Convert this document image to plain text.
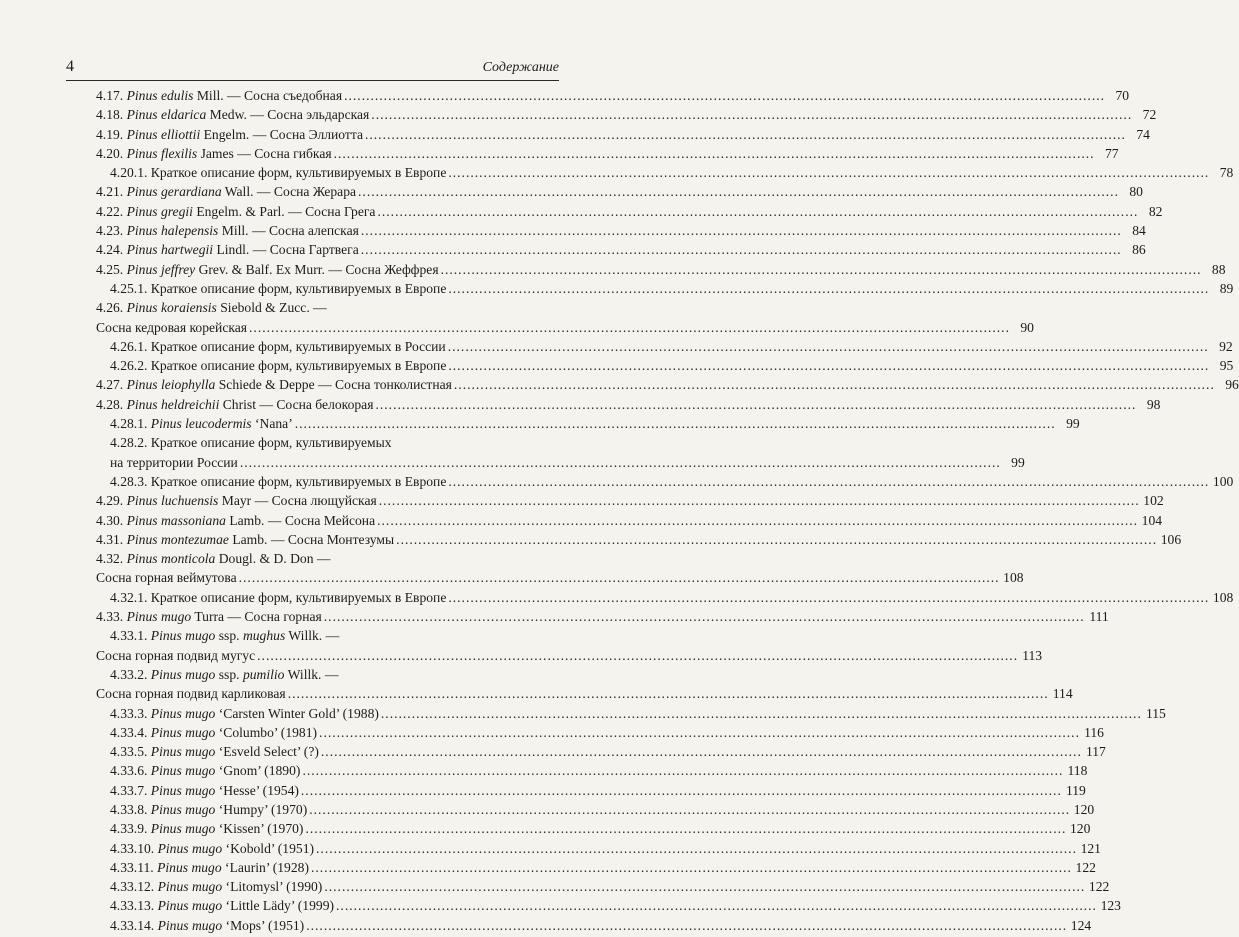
4	Содержание
4.17. Pinus edulis Mill. — Сосна съедобная .....	70
4.18. Pinus eldarica Medw. — Сосна эльдарская .....	72
4.19. Pinus elliottii Engelm. — Сосна Эллиотта .....	74
4.20. Pinus flexilis James — Сосна гибкая .....	77
4.20.1. Краткое описание форм, культивируемых в Европе .....	78
4.21. Pinus gerardiana Wall. — Сосна Жерара .....	80
4.22. Pinus gregii Engelm. & Parl. — Сосна Грега .....	82
4.23. Pinus halepensis Mill. — Сосна алепская .....	84
4.24. Pinus hartwegii Lindl. — Сосна Гартвега .....	86
4.25. Pinus jeffrey Grev. & Balf. Ex Murr. — Сосна Жеффрея .....	88
4.25.1. Краткое описание форм, культивируемых в Европе .....	89
4.26. Pinus koraiensis Siebold & Zucc. —
Сосна кедровая корейская .....	90
4.26.1. Краткое описание форм, культивируемых в России .....	92
4.26.2. Краткое описание форм, культивируемых в Европе .....	95
4.27. Pinus leiophylla Schiede & Deppe — Сосна тонколистная .....	96
4.28. Pinus heldreichii Christ — Сосна белокорая .....	98
4.28.1. Pinus leucodermis ‘Nana’ .....	99
4.28.2. Краткое описание форм, культивируемых
на территории России .....	99
4.28.3. Краткое описание форм, культивируемых в Европе .....	100
4.29. Pinus luchuensis Mayr — Сосна лющуйская .....	102
4.30. Pinus massoniana Lamb. — Сосна Мейсона .....	104
4.31. Pinus montezumae Lamb. — Сосна Монтезумы .....	106
4.32. Pinus monticola Dougl. & D. Don —
Сосна горная веймутова .....	108
4.32.1. Краткое описание форм, культивируемых в Европе .....	108
4.33. Pinus mugo Turra — Сосна горная .....	111
4.33.1. Pinus mugo ssp. mughus Willk. —
Сосна горная подвид мугус .....	113
4.33.2. Pinus mugo ssp. pumilio Willk. —
Сосна горная подвид карликовая .....	114
4.33.3. Pinus mugo ‘Carsten Winter Gold’ (1988) .....	115
4.33.4. Pinus mugo ‘Columbo’ (1981) .....	116
4.33.5. Pinus mugo ‘Esveld Select’ (?) .....	117
4.33.6. Pinus mugo ‘Gnom’ (1890) .....	118
4.33.7. Pinus mugo ‘Hesse’ (1954) .....	119
4.33.8. Pinus mugo ‘Humpy’ (1970) .....	120
4.33.9. Pinus mugo ‘Kissen’ (1970) .....	120
4.33.10. Pinus mugo ‘Kobold’ (1951) .....	121
4.33.11. Pinus mugo ‘Laurin’ (1928) .....	122
4.33.12. Pinus mugo ‘Litomysl’ (1990) .....	122
4.33.13. Pinus mugo ‘Little Lädy’ (1999) .....	123
4.33.14. Pinus mugo ‘Mops’ (1951) .....	124
